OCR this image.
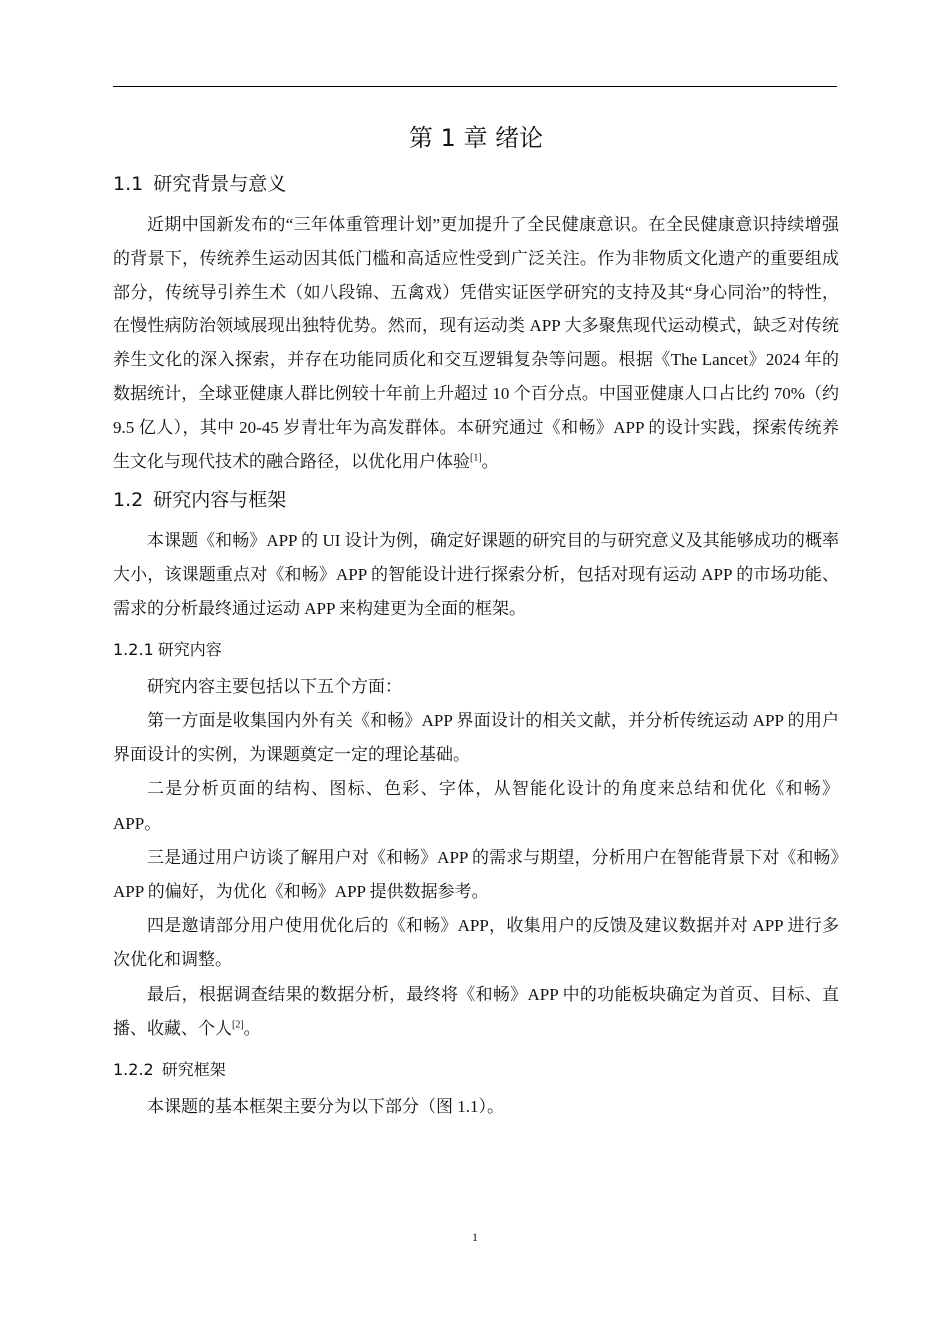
第 1 章 绪论
1.1 研究背景与意义

近期中国新发布的“三年体重管理计划”更加提升了全民健康意识。在全民健康意识持续增强的背景下，传统养生运动因其低门槛和高适应性受到广泛关注。作为非物质文化遗产的重要组成部分，传统导引养生术（如八段锦、五禽戏）凭借实证医学研究的支持及其“身心同治”的特性，在慢性病防治领域展现出独特优势。然而，现有运动类 APP 大多聚焦现代运动模式，缺乏对传统养生文化的深入探索，并存在功能同质化和交互逻辑复杂等问题。根据《The Lancet》2024 年的数据统计，全球亚健康人群比例较十年前上升超过 10 个百分点。中国亚健康人口占比约 70%（约 9.5 亿人），其中 20-45 岁青壮年为高发群体。本研究通过《和畅》APP 的设计实践，探索传统养生文化与现代技术的融合路径，以优化用户体验[1]。

1.2 研究内容与框架

本课题《和畅》APP 的 UI 设计为例，确定好课题的研究目的与研究意义及其能够成功的概率大小，该课题重点对《和畅》APP 的智能设计进行探索分析，包括对现有运动 APP 的市场功能、需求的分析最终通过运动 APP 来构建更为全面的框架。

1.2.1 研究内容

研究内容主要包括以下五个方面：

第一方面是收集国内外有关《和畅》APP 界面设计的相关文献，并分析传统运动 APP 的用户界面设计的实例，为课题奠定一定的理论基础。

二是分析页面的结构、图标、色彩、字体，从智能化设计的角度来总结和优化《和畅》APP。

三是通过用户访谈了解用户对《和畅》APP 的需求与期望，分析用户在智能背景下对《和畅》APP 的偏好，为优化《和畅》APP 提供数据参考。

四是邀请部分用户使用优化后的《和畅》APP，收集用户的反馈及建议数据并对 APP 进行多次优化和调整。

最后，根据调查结果的数据分析，最终将《和畅》APP 中的功能板块确定为首页、目标、直播、收藏、个人[2]。

1.2.2 研究框架

本课题的基本框架主要分为以下部分（图 1.1）。

1
